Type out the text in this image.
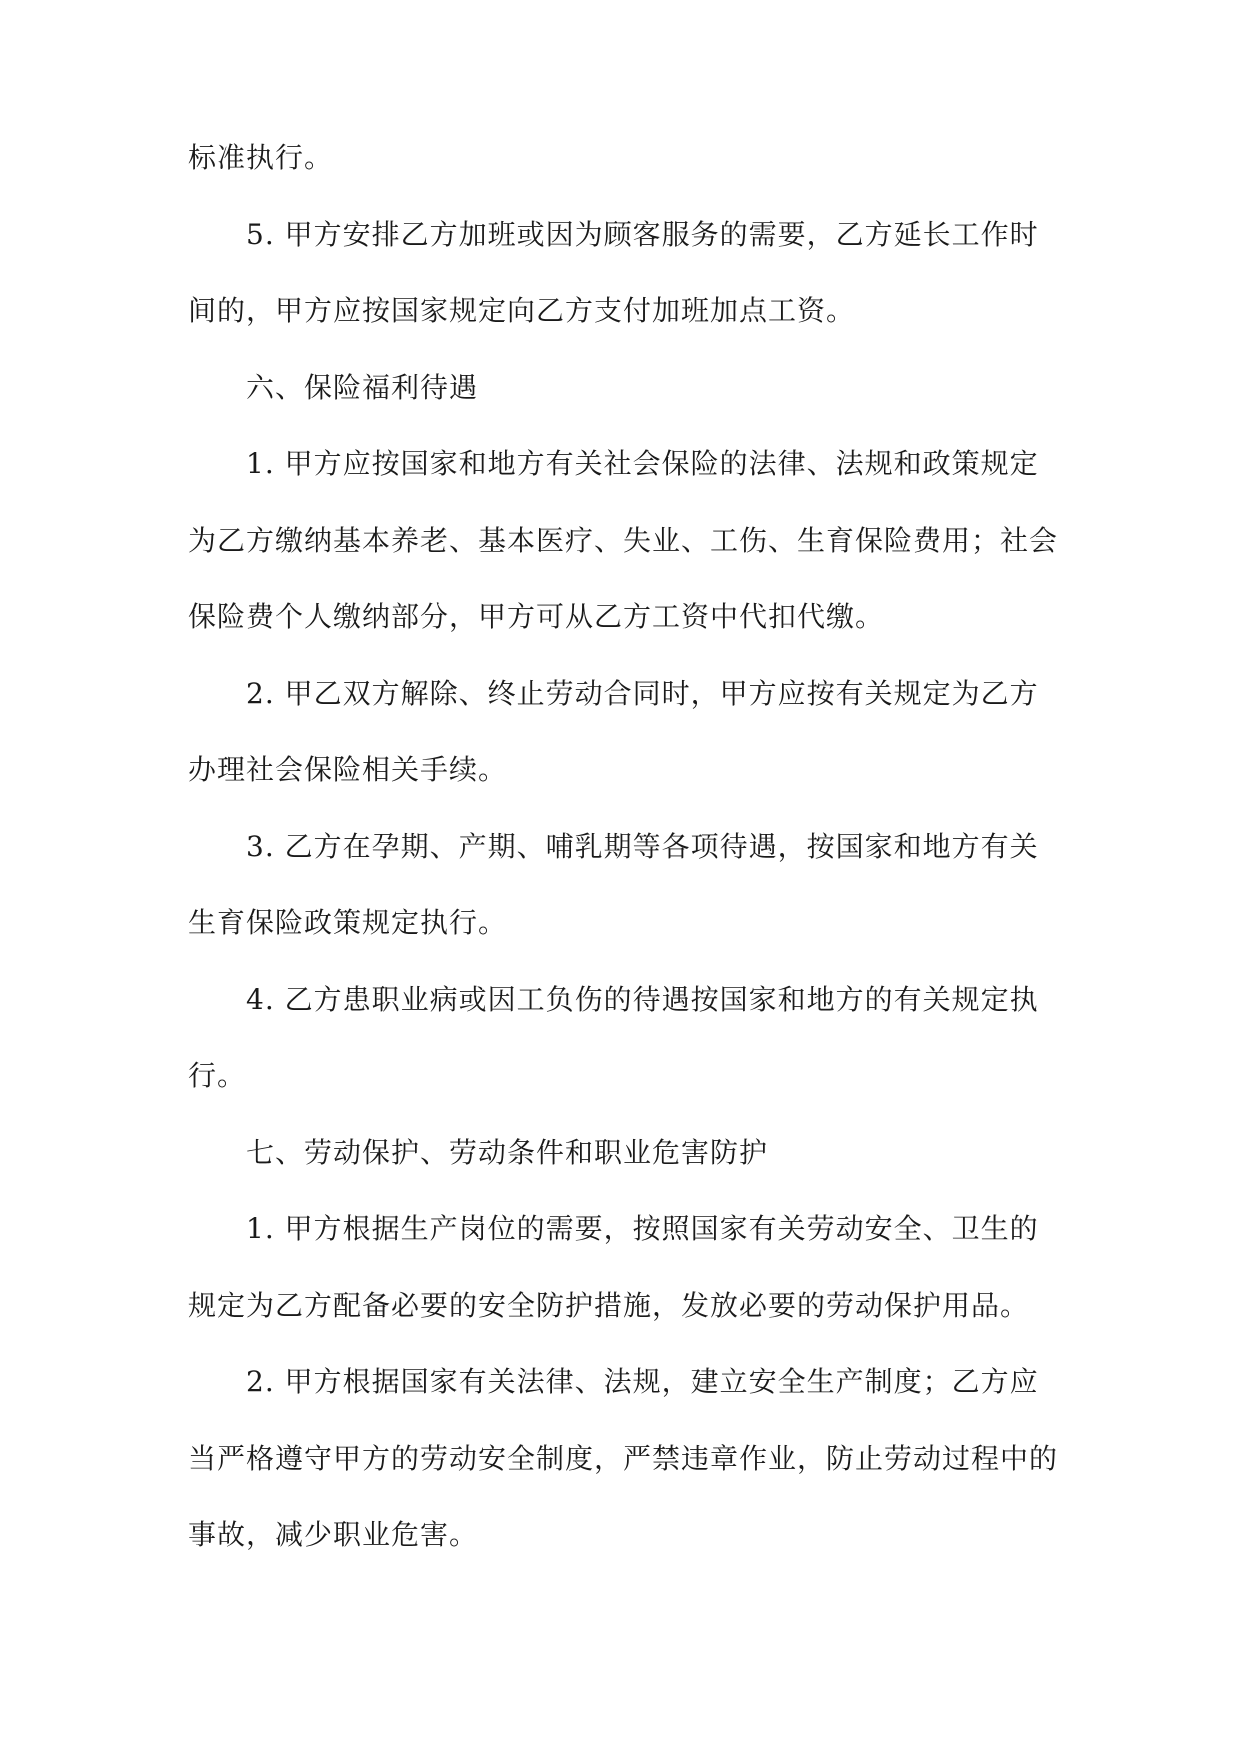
标准执行。

5. 甲方安排乙方加班或因为顾客服务的需要，乙方延长工作时

间的，甲方应按国家规定向乙方支付加班加点工资。

六、保险福利待遇

1. 甲方应按国家和地方有关社会保险的法律、法规和政策规定

为乙方缴纳基本养老、基本医疗、失业、工伤、生育保险费用；社会

保险费个人缴纳部分，甲方可从乙方工资中代扣代缴。

2. 甲乙双方解除、终止劳动合同时，甲方应按有关规定为乙方

办理社会保险相关手续。

3. 乙方在孕期、产期、哺乳期等各项待遇，按国家和地方有关

生育保险政策规定执行。

4. 乙方患职业病或因工负伤的待遇按国家和地方的有关规定执

行。

七、劳动保护、劳动条件和职业危害防护

1. 甲方根据生产岗位的需要，按照国家有关劳动安全、卫生的

规定为乙方配备必要的安全防护措施，发放必要的劳动保护用品。

2. 甲方根据国家有关法律、法规，建立安全生产制度；乙方应

当严格遵守甲方的劳动安全制度，严禁违章作业，防止劳动过程中的

事故，减少职业危害。
